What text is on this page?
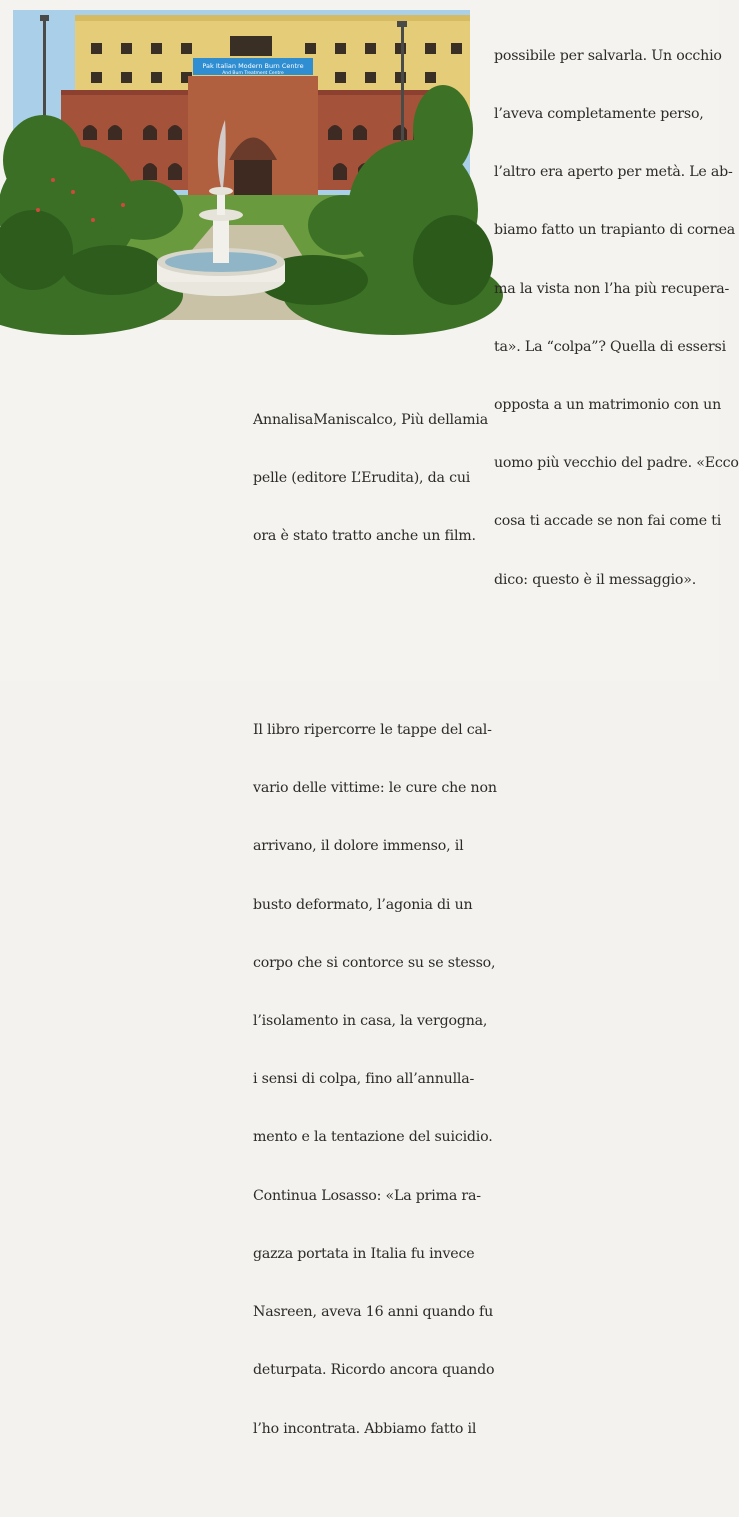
Pak Italian Modern Burn Centre
And Burn Treatment Centre

possibile per salvarla. Un occhio

l’aveva completamente perso,

l’altro era aperto per metà. Le ab-

biamo fatto un trapianto di cornea

ma la vista non l’ha più recupera-

ta». La “colpa”? Quella di essersi

opposta a un matrimonio con un

uomo più vecchio del padre. «Ecco

cosa ti accade se non fai come ti

dico: questo è il messaggio».

AnnalisaManiscalco, Più dellamia

pelle (editore L’Erudita), da cui

ora è stato tratto anche un film.

Il libro ripercorre le tappe del cal-

vario delle vittime: le cure che non

arrivano, il dolore immenso, il

busto deformato, l’agonia di un

corpo che si contorce su se stesso,

l’isolamento in casa, la vergogna,

i sensi di colpa, fino all’annulla-

mento e la tentazione del suicidio.

Continua Losasso: «La prima ra-

gazza portata in Italia fu invece

Nasreen, aveva 16 anni quando fu

deturpata. Ricordo ancora quando

l’ho incontrata. Abbiamo fatto il
